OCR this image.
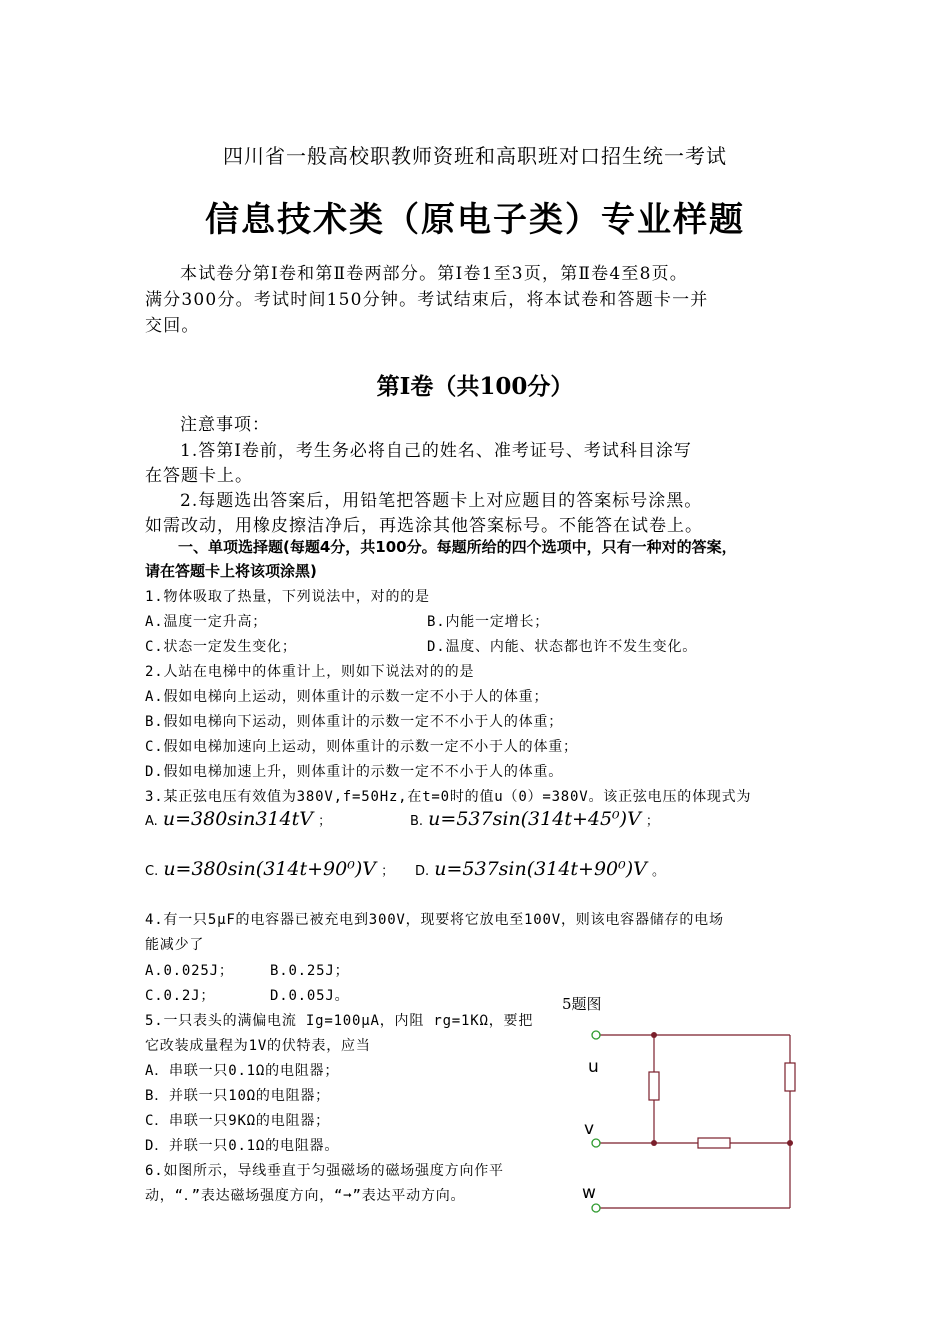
四川省一般高校职教师资班和高职班对口招生统一考试
信息技术类（原电子类）专业样题
本试卷分第Ⅰ卷和第Ⅱ卷两部分。第Ⅰ卷1至3页，第Ⅱ卷4至8页。
满分300分。考试时间150分钟。考试结束后，将本试卷和答题卡一并
交回。
第Ⅰ卷（共100分）
注意事项：
1.答第Ⅰ卷前，考生务必将自己的姓名、准考证号、考试科目涂写
在答题卡上。
2.每题选出答案后，用铅笔把答题卡上对应题目的答案标号涂黑。
如需改动，用橡皮擦洁净后，再选涂其他答案标号。不能答在试卷上。
一、单项选择题(每题4分，共100分。每题所给的四个选项中，只有一种对的答案，
请在答题卡上将该项涂黑)
1.物体吸取了热量，下列说法中，对的的是
A.温度一定升高；	B.内能一定增长；
C.状态一定发生变化；	D.温度、内能、状态都也许不发生变化。
2.人站在电梯中的体重计上，则如下说法对的的是
A.假如电梯向上运动，则体重计的示数一定不小于人的体重；
B.假如电梯向下运动，则体重计的示数一定不不小于人的体重；
C.假如电梯加速向上运动，则体重计的示数一定不小于人的体重；
D.假如电梯加速上升，则体重计的示数一定不不小于人的体重。
3.某正弦电压有效值为380V,f=50Hz,在t=0时的值u（0）=380V。该正弦电压的体现式为
A. u=380sin314tV ；	B. u=537sin(314t+45⁰)V ；
C. u=380sin(314t+90⁰)V ； D. u=537sin(314t+90⁰)V 。
4.有一只5μF的电容器已被充电到300V，现要将它放电至100V，则该电容器储存的电场
能减少了
A.0.025J；	B.0.25J；
C.0.2J；	D.0.05J。
5.一只表头的满偏电流 Ig=100μA，内阻 rg=1KΩ，要把
它改装成量程为1V的伏特表，应当
A．串联一只0.1Ω的电阻器；
B．并联一只10Ω的电阻器；
C．串联一只9KΩ的电阻器；
D．并联一只0.1Ω的电阻器。
6.如图所示，导线垂直于匀强磁场的磁场强度方向作平
动，“．”表达磁场强度方向，“➞”表达平动方向。
5题图
u
v
w
